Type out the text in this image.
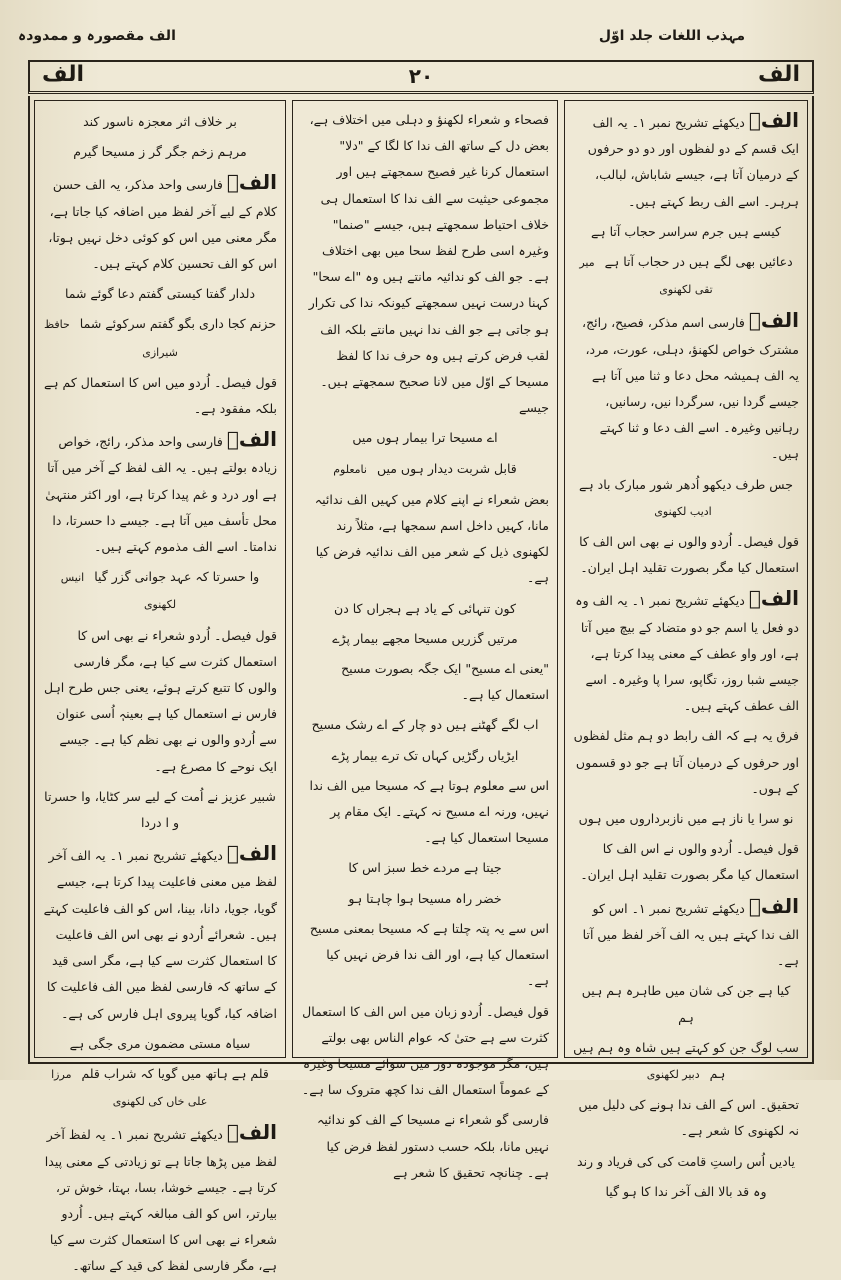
مہذب اللغات جلد اوّل
الف مقصورہ و ممدودہ
الف
۲۰
الف

الفؔ دیکھئے تشریح نمبر ۱۔ یہ الف ایک قسم کے دو لفظوں اور دو دو حرفوں کے درمیان آتا ہے، جیسے شاباش، لبالب، ہرہر۔ اسے الف ربط کہتے ہیں۔

کیسے ہیں جرم سراسر حجاب آتا ہے
دعائیں بھی لگے ہیں در حجاب آتا ہے میر تقی لکھنوی

الفؔ فارسی اسم مذکر، فصیح، رائج، مشترک خواص لکھنؤ، دہلی، عورت، مرد، یہ الف ہمیشہ محل دعا و ثنا میں آتا ہے جیسے گردا نیں، سرگردا نیں، رسانیں، رہانیں وغیرہ۔ اسے الف دعا و ثنا کہتے ہیں۔

جس طرف دیکھو اُدھر شور مبارک باد ہے ادیب لکھنوی

قول فیصل۔ اُردو والوں نے بھی اس الف کا استعمال کیا مگر بصورت تقلید اہل ایران۔

الفؔ دیکھئے تشریح نمبر ۱۔ یہ الف وہ دو فعل یا اسم جو دو متضاد کے بیچ میں آتا ہے، اور واو عطف کے معنی پیدا کرتا ہے، جیسے شبا روز، تگاپو، سرا پا وغیرہ۔ اسے الف عطف کہتے ہیں۔

فرق یہ ہے کہ الف رابط دو ہم مثل لفظوں اور حرفوں کے درمیان آتا ہے جو دو قسموں کے ہوں۔

نو سرا یا ناز ہے میں نازبرداروں میں ہوں

قول فیصل۔ اُردو والوں نے اس الف کا استعمال کیا مگر بصورت تقلید اہل ایران۔

الفؔ دیکھئے تشریح نمبر ۱۔ اس کو الف ندا کہتے ہیں یہ الف آخر لفظ میں آتا ہے۔

کیا ہے جن کی شان میں طاہرہ ہم ہیں ہم
سب لوگ جن کو کہتے ہیں شاہ وہ ہم ہیں ہم دبیر لکھنوی

تحقیق۔ اس کے الف ندا ہونے کی دلیل میں نہ لکھنوی کا شعر ہے۔

یادیں اُس راستِ قامت کی کی فریاد و رند
وہ قد بالا الف آخر ندا کا ہو گیا

فصحاء و شعراء لکھنؤ و دہلی میں اختلاف ہے، بعض دل کے ساتھ الف ندا کا لگا کے "دلا" استعمال کرنا غیر فصیح سمجھتے ہیں اور مجموعی حیثیت سے الف ندا کا استعمال ہی خلاف احتیاط سمجھتے ہیں، جیسے "صنما" وغیرہ اسی طرح لفظ سحا میں بھی اختلاف ہے۔ جو الف کو ندائیہ مانتے ہیں وہ "اے سحا" کہنا درست نہیں سمجھتے کیونکہ ندا کی تکرار ہو جاتی ہے جو الف ندا نہیں مانتے بلکہ الف لقب فرض کرتے ہیں وہ حرف ندا کا لفظ مسیحا کے اوّل میں لانا صحیح سمجھتے ہیں۔ جیسے

اے مسیحا ترا بیمار ہوں میں
قابل شربت دیدار ہوں میں نامعلوم

بعض شعراء نے اپنے کلام میں کہیں الف ندائیہ مانا، کہیں داخل اسم سمجھا ہے، مثلاً رند لکھنوی ذیل کے شعر میں الف ندائیہ فرض کیا ہے۔

کون تنہائی کے یاد ہے ہجراں کا دن
مرتیں گزریں مسیحا مجھے بیمار پڑے

"یعنی اے مسیح" ایک جگہ بصورت مسیح استعمال کیا ہے۔

اب لگے گھٹنے ہیں دو چار کے اے رشک مسیح
ایڑیاں رگڑیں کہاں تک ترے بیمار پڑے

اس سے معلوم ہوتا ہے کہ مسیحا میں الف ندا نہیں، ورنہ اے مسیح نہ کہتے۔ ایک مقام پر مسیحا استعمال کیا ہے۔

جیتا ہے مردے خط سبز اس کا
خضر راہ مسیحا ہوا چاہتا ہو

اس سے یہ پتہ چلتا ہے کہ مسیحا بمعنی مسیح استعمال کیا ہے، اور الف ندا فرض نہیں کیا ہے۔

قول فیصل۔ اُردو زبان میں اس الف کا استعمال کثرت سے ہے حتیٰ کہ عوام الناس بھی بولتے ہیں، مگر موجودہ دور میں سوائے مسیحا وغیرہ کے عموماً استعمال الف ندا کچھ متروک سا ہے۔

فارسی گو شعراء نے مسیحا کے الف کو ندائیہ نہیں مانا، بلکہ حسب دستور لفظ فرض کیا ہے۔ چنانچہ تحقیق کا شعر ہے

بر خلاف اثر معجزہ ناسور کند
مرہم زخم جگر گر ز مسیحا گیرم

الفؔ فارسی واحد مذکر، یہ الف حسن کلام کے لیے آخر لفظ میں اضافہ کیا جاتا ہے، مگر معنی میں اس کو کوئی دخل نہیں ہوتا، اس کو الف تحسین کلام کہتے ہیں۔

دلدار گفتا کیستی گفتم دعا گوئے شما
حزنم کجا داری بگو گفتم سرکوئے شما حافظ شیرازی

قول فیصل۔ اُردو میں اس کا استعمال کم ہے بلکہ مفقود ہے۔

الفؔ فارسی واحد مذکر، رائج، خواص زیادہ بولتے ہیں۔ یہ الف لفظ کے آخر میں آتا ہے اور درد و غم پیدا کرتا ہے، اور اکثر منتہیٰ محل تأسف میں آتا ہے۔ جیسے دا حسرتا، دا ندامتا۔ اسے الف مذموم کہتے ہیں۔

وا حسرتا کہ عہد جوانی گزر گیا انیس لکھنوی

قول فیصل۔ اُردو شعراء نے بھی اس کا استعمال کثرت سے کیا ہے، مگر فارسی والوں کا تتبع کرتے ہوئے، یعنی جس طرح اہل فارس نے استعمال کیا ہے بعینہٖ اُسی عنوان سے اُردو والوں نے بھی نظم کیا ہے۔ جیسے ایک نوحے کا مصرع ہے۔

شبیر عزیز نے اُمت کے لیے سر کٹایا، وا حسرتا و ا دردا

الفؔ دیکھئے تشریح نمبر ۱۔ یہ الف آخر لفظ میں معنی فاعلیت پیدا کرتا ہے، جیسے گویا، جویا، دانا، بینا، اس کو الف فاعلیت کہتے ہیں۔ شعرائے اُردو نے بھی اس الف فاعلیت کا استعمال کثرت سے کیا ہے، مگر اسی قید کے ساتھ کہ فارسی لفظ میں الف فاعلیت کا اضافہ کیا، گویا پیروی اہل فارس کی ہے۔

سیاہ مستی مضمون مری جگی ہے
قلم ہے ہاتھ میں گویا کہ شراب قلم مرزا علی خاں کی لکھنوی

الفؔ دیکھئے تشریح نمبر ۱۔ یہ لفظ آخر لفظ میں پڑھا جاتا ہے تو زیادتی کے معنی پیدا کرتا ہے۔ جیسے خوشا، بسا، بہتا، خوش تر، بیارتر، اس کو الف مبالغہ کہتے ہیں۔ اُردو شعراء نے بھی اس کا استعمال کثرت سے کیا ہے، مگر فارسی لفظ کی قید کے ساتھ۔
